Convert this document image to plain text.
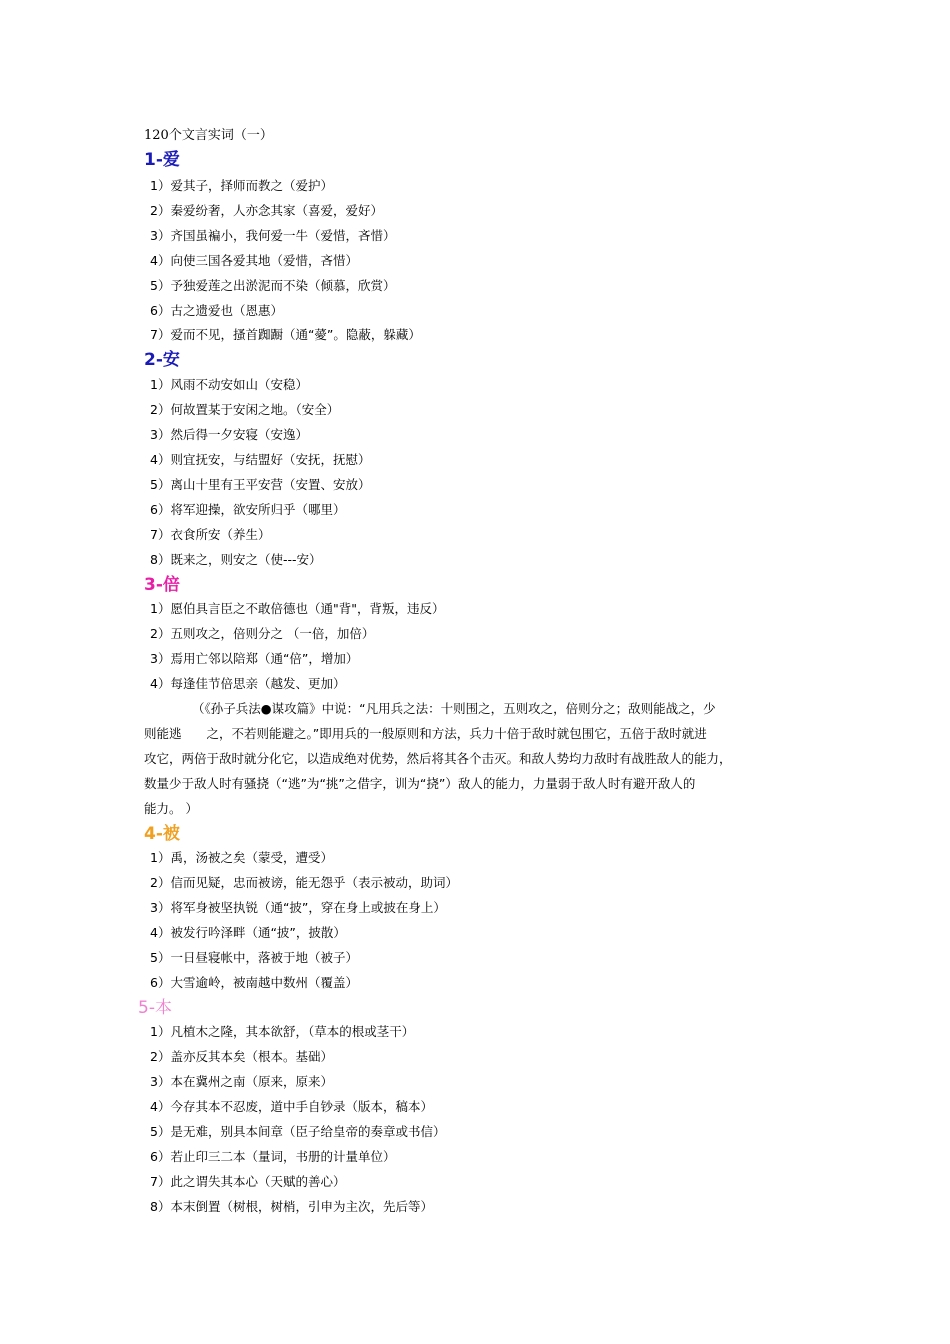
120个文言实词（一）
1-爱
1）爱其子，择师而教之（爱护）
2）秦爱纷奢，人亦念其家（喜爱，爱好）
3）齐国虽褊小，我何爱一牛（爱惜，吝惜）
4）向使三国各爱其地（爱惜，吝惜）
5）予独爱莲之出淤泥而不染（倾慕，欣赏）
6）古之遗爱也（恩惠）
7）爱而不见，搔首踟蹰（通“薆”。隐蔽，躲藏）
2-安
1）风雨不动安如山（安稳）
2）何故置某于安闲之地。（安全）
3）然后得一夕安寝（安逸）
4）则宜抚安，与结盟好（安抚，抚慰）
5）离山十里有王平安营（安置、安放）
6）将军迎操，欲安所归乎（哪里）
7）衣食所安（养生）
8）既来之，则安之（使---安）
3-倍
1）愿伯具言臣之不敢倍德也（通"背"，背叛，违反）
2）五则攻之，倍则分之 （一倍，加倍）
3）焉用亡邻以陪郑（通“倍”，增加）
4）每逢佳节倍思亲（越发、更加）

（《孙子兵法●谋攻篇》中说：“凡用兵之法：十则围之，五则攻之，倍则分之；敌则能战之，少

则能逃　　之，不若则能避之。”即用兵的一般原则和方法，兵力十倍于敌时就包围它，五倍于敌时就进

攻它，两倍于敌时就分化它，以造成绝对优势，然后将其各个击灭。和敌人势均力敌时有战胜敌人的能力，

数量少于敌人时有骚挠（“逃”为“挑”之借字，训为“挠”）敌人的能力，力量弱于敌人时有避开敌人的

能力。 ）

4-被
1）禹，汤被之矣（蒙受，遭受）
2）信而见疑，忠而被谤，能无怨乎（表示被动，助词）
3）将军身被坚执锐（通“披”，穿在身上或披在身上）
4）被发行吟泽畔（通“披”，披散）
5）一日昼寝帐中，落被于地（被子）
6）大雪逾岭，被南越中数州（覆盖）
5-本
1）凡植木之隆，其本欲舒，（草本的根或茎干）
2）盖亦反其本矣（根本。基础）
3）本在冀州之南（原来，原来）
4）今存其本不忍废，道中手自钞录（版本，稿本）
5）是无难，别具本间章（臣子给皇帝的奏章或书信）
6）若止印三二本（量词，书册的计量单位）
7）此之谓失其本心（天赋的善心）
8）本末倒置（树根，树梢，引申为主次，先后等）
